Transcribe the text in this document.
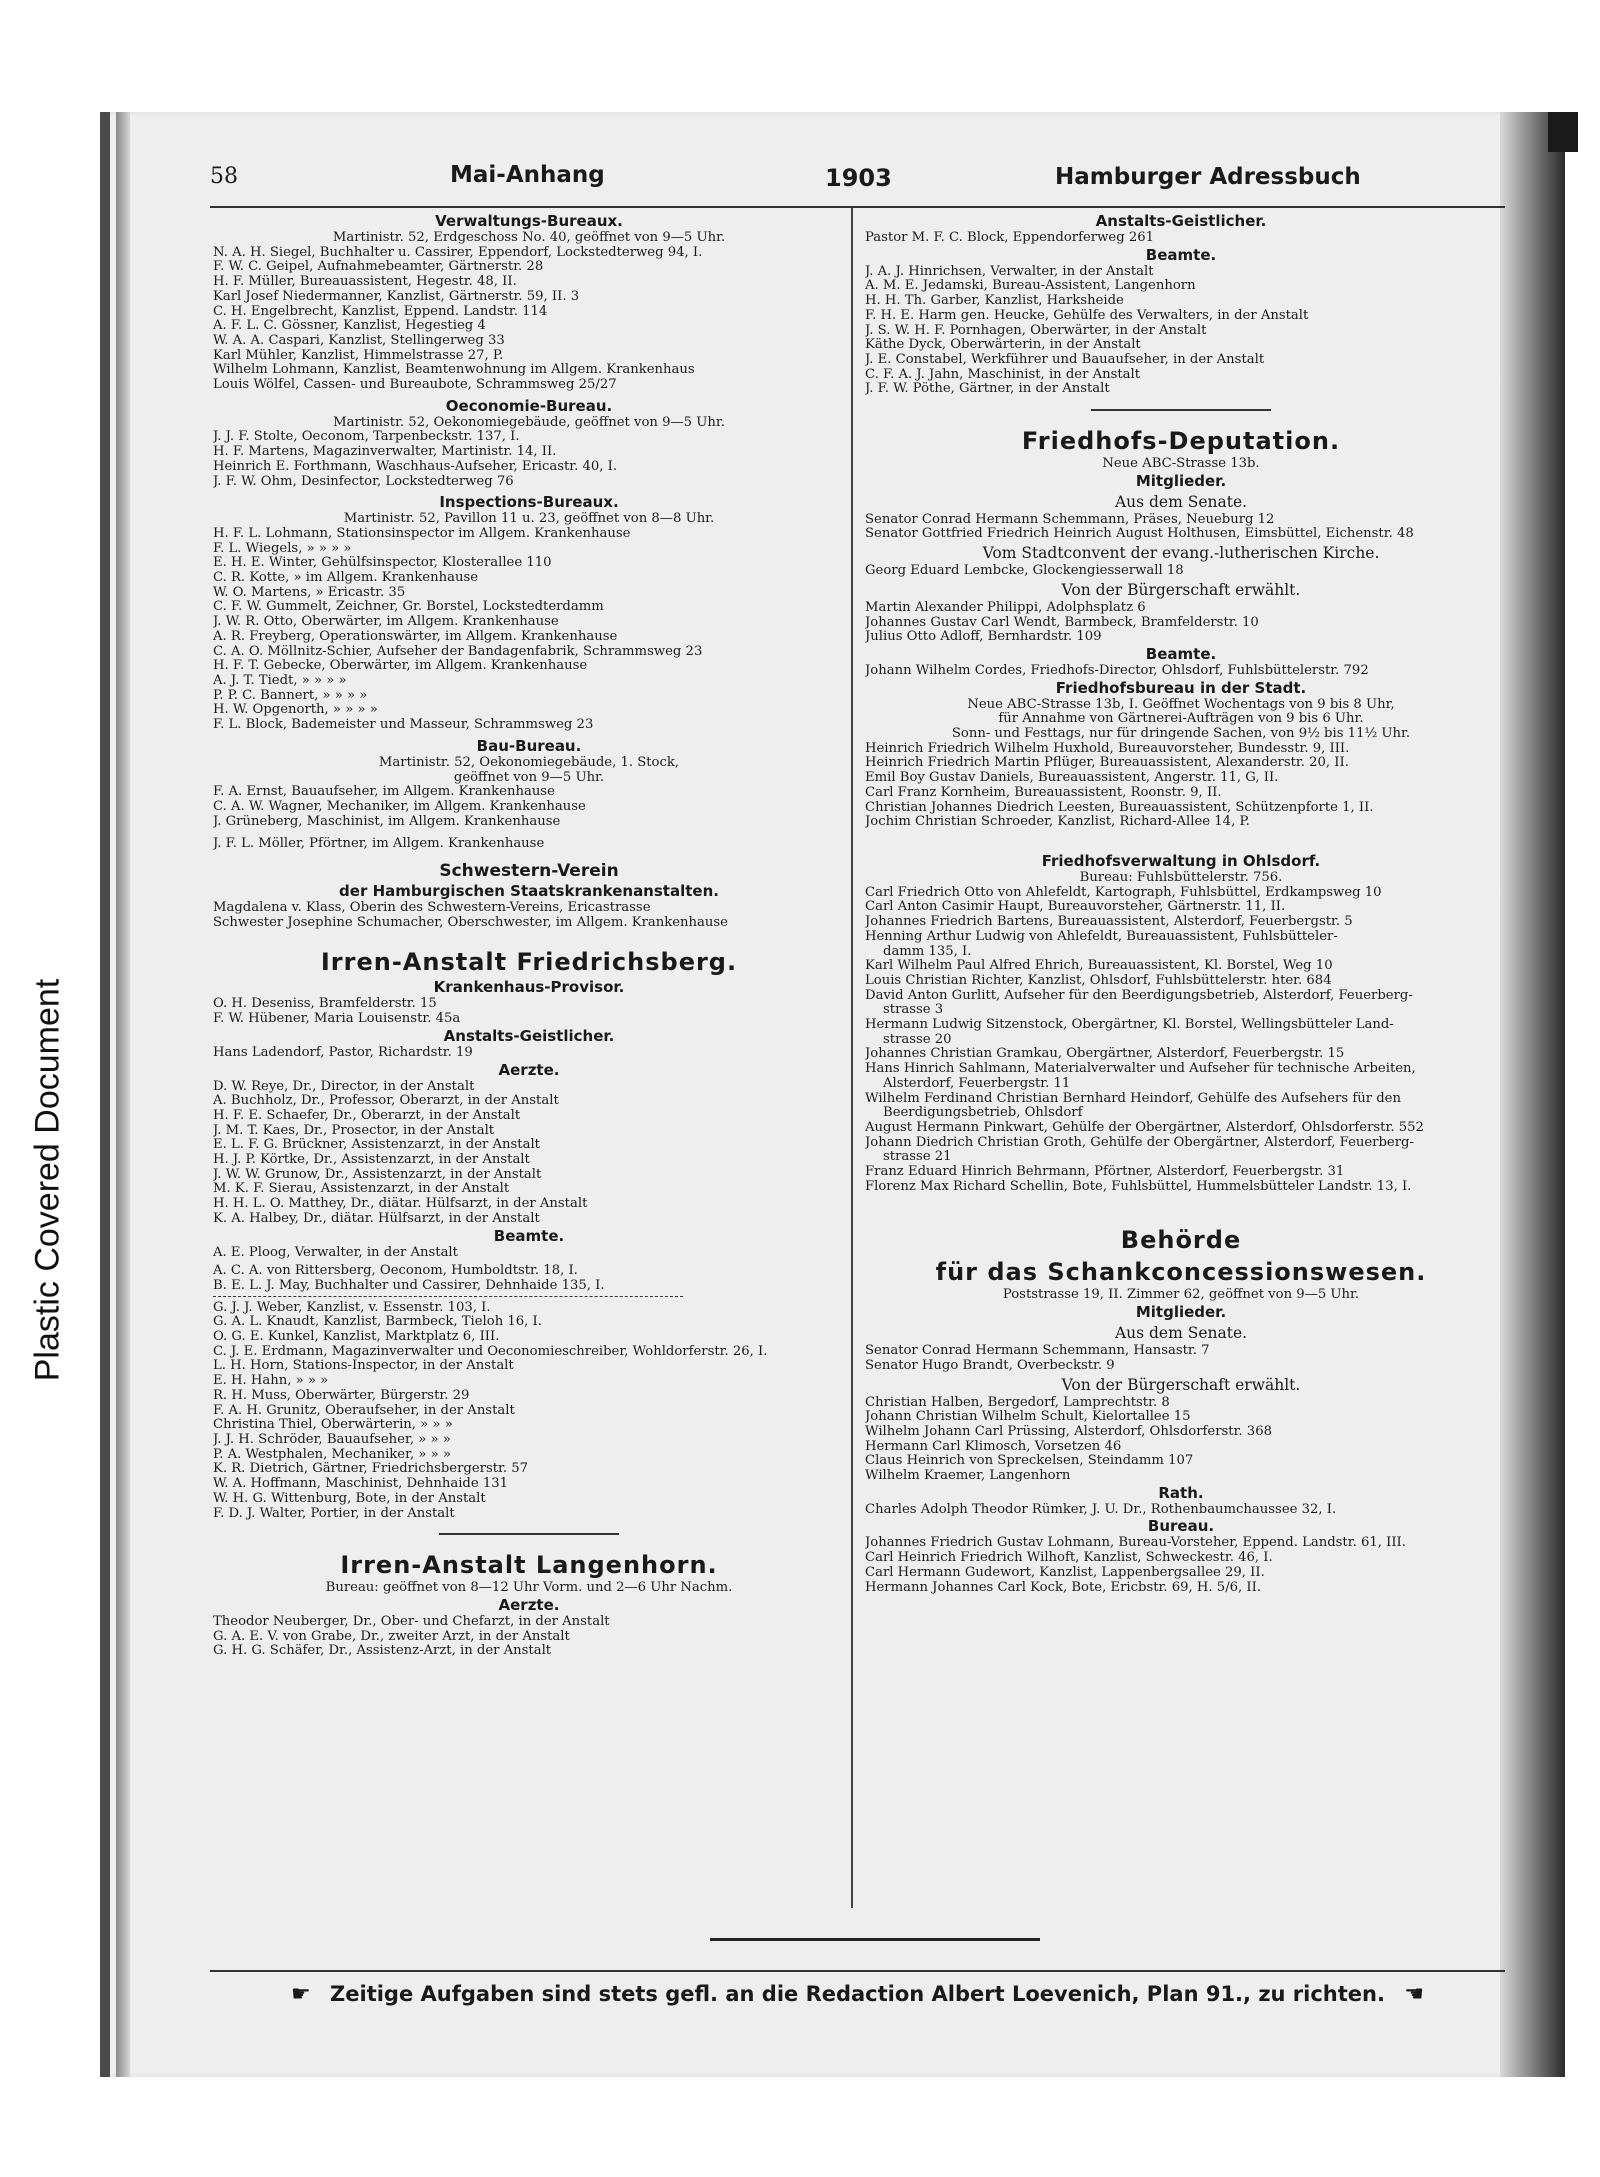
Plastic Covered Document
58	Mai-Anhang	1903	Hamburger Adressbuch
Verwaltungs-Bureaux.
Martinistr. 52, Erdgeschoss No. 40, geöffnet von 9—5 Uhr.
N. A. H. Siegel, Buchhalter u. Cassirer, Eppendorf, Lockstedterweg 94, I.
F. W. C. Geipel, Aufnahmebeamter, Gärtnerstr. 28
H. F. Müller, Bureauassistent, Hegestr. 48, II.
Karl Josef Niedermanner, Kanzlist, Gärtnerstr. 59, II. 3
C. H. Engelbrecht, Kanzlist, Eppend. Landstr. 114
A. F. L. C. Gössner, Kanzlist, Hegestieg 4
W. A. A. Caspari, Kanzlist, Stellingerweg 33
Karl Mühler, Kanzlist, Himmelstrasse 27, P.
Wilhelm Lohmann, Kanzlist, Beamtenwohnung im Allgem. Krankenhaus
Louis Wölfel, Cassen- und Bureaubote, Schrammsweg 25/27
Oeconomie-Bureau.
Martinistr. 52, Oekonomiegebäude, geöffnet von 9—5 Uhr.
J. J. F. Stolte, Oeconom, Tarpenbeckstr. 137, I.
H. F. Martens, Magazinverwalter, Martinistr. 14, II.
Heinrich E. Forthmann, Waschhaus-Aufseher, Ericastr. 40, I.
J. F. W. Ohm, Desinfector, Lockstedterweg 76
Inspections-Bureaux.
Martinistr. 52, Pavillon 11 u. 23, geöffnet von 8—8 Uhr.
H. F. L. Lohmann, Stationsinspector im Allgem. Krankenhause
F. L. Wiegels, » » » »
E. H. E. Winter, Gehülfsinspector, Klosterallee 110
C. R. Kotte, » im Allgem. Krankenhause
W. O. Martens, » Ericastr. 35
C. F. W. Gummelt, Zeichner, Gr. Borstel, Lockstedterdamm
J. W. R. Otto, Oberwärter, im Allgem. Krankenhause
A. R. Freyberg, Operationswärter, im Allgem. Krankenhause
C. A. O. Möllnitz-Schier, Aufseher der Bandagenfabrik, Schrammsweg 23
H. F. T. Gebecke, Oberwärter, im Allgem. Krankenhause
A. J. T. Tiedt, » » » »
P. P. C. Bannert, » » » »
H. W. Opgenorth, » » » »
F. L. Block, Bademeister und Masseur, Schrammsweg 23
Bau-Bureau.
Martinistr. 52, Oekonomiegebäude, 1. Stock,
geöffnet von 9—5 Uhr.
F. A. Ernst, Bauaufseher, im Allgem. Krankenhause
C. A. W. Wagner, Mechaniker, im Allgem. Krankenhause
J. Grüneberg, Maschinist, im Allgem. Krankenhause
J. F. L. Möller, Pförtner, im Allgem. Krankenhause
Schwestern-Verein
der Hamburgischen Staatskrankenanstalten.
Magdalena v. Klass, Oberin des Schwestern-Vereins, Ericastrasse
Schwester Josephine Schumacher, Oberschwester, im Allgem. Krankenhause
Irren-Anstalt Friedrichsberg.
Krankenhaus-Provisor.
O. H. Deseniss, Bramfelderstr. 15
F. W. Hübener, Maria Louisenstr. 45a
Anstalts-Geistlicher.
Hans Ladendorf, Pastor, Richardstr. 19
Aerzte.
D. W. Reye, Dr., Director, in der Anstalt
A. Buchholz, Dr., Professor, Oberarzt, in der Anstalt
H. F. E. Schaefer, Dr., Oberarzt, in der Anstalt
J. M. T. Kaes, Dr., Prosector, in der Anstalt
E. L. F. G. Brückner, Assistenzarzt, in der Anstalt
H. J. P. Körtke, Dr., Assistenzarzt, in der Anstalt
J. W. W. Grunow, Dr., Assistenzarzt, in der Anstalt
M. K. F. Sierau, Assistenzarzt, in der Anstalt
H. H. L. O. Matthey, Dr., diätar. Hülfsarzt, in der Anstalt
K. A. Halbey, Dr., diätar. Hülfsarzt, in der Anstalt
Beamte.
A. E. Ploog, Verwalter, in der Anstalt
A. C. A. von Rittersberg, Oeconom, Humboldtstr. 18, I.
B. E. L. J. May, Buchhalter und Cassirer, Dehnhaide 135, I.
G. J. J. Weber, Kanzlist, v. Essenstr. 103, I.
G. A. L. Knaudt, Kanzlist, Barmbeck, Tieloh 16, I.
O. G. E. Kunkel, Kanzlist, Marktplatz 6, III.
C. J. E. Erdmann, Magazinverwalter und Oeconomieschreiber, Wohldorferstr. 26, I.
L. H. Horn, Stations-Inspector, in der Anstalt
E. H. Hahn, » » »
R. H. Muss, Oberwärter, Bürgerstr. 29
F. A. H. Grunitz, Oberaufseher, in der Anstalt
Christina Thiel, Oberwärterin, » » »
J. J. H. Schröder, Bauaufseher, » » »
P. A. Westphalen, Mechaniker, » » »
K. R. Dietrich, Gärtner, Friedrichsbergerstr. 57
W. A. Hoffmann, Maschinist, Dehnhaide 131
W. H. G. Wittenburg, Bote, in der Anstalt
F. D. J. Walter, Portier, in der Anstalt
Irren-Anstalt Langenhorn.
Bureau: geöffnet von 8—12 Uhr Vorm. und 2—6 Uhr Nachm.
Aerzte.
Theodor Neuberger, Dr., Ober- und Chefarzt, in der Anstalt
G. A. E. V. von Grabe, Dr., zweiter Arzt, in der Anstalt
G. H. G. Schäfer, Dr., Assistenz-Arzt, in der Anstalt
Anstalts-Geistlicher.
Pastor M. F. C. Block, Eppendorferweg 261
Beamte.
J. A. J. Hinrichsen, Verwalter, in der Anstalt
A. M. E. Jedamski, Bureau-Assistent, Langenhorn
H. H. Th. Garber, Kanzlist, Harksheide
F. H. E. Harm gen. Heucke, Gehülfe des Verwalters, in der Anstalt
J. S. W. H. F. Pornhagen, Oberwärter, in der Anstalt
Käthe Dyck, Oberwärterin, in der Anstalt
J. E. Constabel, Werkführer und Bauaufseher, in der Anstalt
C. F. A. J. Jahn, Maschinist, in der Anstalt
J. F. W. Pöthe, Gärtner, in der Anstalt
Friedhofs-Deputation.
Neue ABC-Strasse 13b.
Mitglieder.
Aus dem Senate.
Senator Conrad Hermann Schemmann, Präses, Neueburg 12
Senator Gottfried Friedrich Heinrich August Holthusen, Eimsbüttel, Eichenstr. 48
Vom Stadtconvent der evang.-lutherischen Kirche.
Georg Eduard Lembcke, Glockengiesserwall 18
Von der Bürgerschaft erwählt.
Martin Alexander Philippi, Adolphsplatz 6
Johannes Gustav Carl Wendt, Barmbeck, Bramfelderstr. 10
Julius Otto Adloff, Bernhardstr. 109
Beamte.
Johann Wilhelm Cordes, Friedhofs-Director, Ohlsdorf, Fuhlsbüttelerstr. 792
Friedhofsbureau in der Stadt.
Neue ABC-Strasse 13b, I. Geöffnet Wochentags von 9 bis 8 Uhr,
für Annahme von Gärtnerei-Aufträgen von 9 bis 6 Uhr.
Sonn- und Festtags, nur für dringende Sachen, von 9½ bis 11½ Uhr.
Heinrich Friedrich Wilhelm Huxhold, Bureauvorsteher, Bundesstr. 9, III.
Heinrich Friedrich Martin Pflüger, Bureauassistent, Alexanderstr. 20, II.
Emil Boy Gustav Daniels, Bureauassistent, Angerstr. 11, G, II.
Carl Franz Kornheim, Bureauassistent, Roonstr. 9, II.
Christian Johannes Diedrich Leesten, Bureauassistent, Schützenpforte 1, II.
Jochim Christian Schroeder, Kanzlist, Richard-Allee 14, P.
Friedhofsverwaltung in Ohlsdorf.
Bureau: Fuhlsbüttelerstr. 756.
Carl Friedrich Otto von Ahlefeldt, Kartograph, Fuhlsbüttel, Erdkampsweg 10
Carl Anton Casimir Haupt, Bureauvorsteher, Gärtnerstr. 11, II.
Johannes Friedrich Bartens, Bureauassistent, Alsterdorf, Feuerbergstr. 5
Henning Arthur Ludwig von Ahlefeldt, Bureauassistent, Fuhlsbütteler-
damm 135, I.
Karl Wilhelm Paul Alfred Ehrich, Bureauassistent, Kl. Borstel, Weg 10
Louis Christian Richter, Kanzlist, Ohlsdorf, Fuhlsbüttelerstr. hter. 684
David Anton Gurlitt, Aufseher für den Beerdigungsbetrieb, Alsterdorf, Feuerberg-
strasse 3
Hermann Ludwig Sitzenstock, Obergärtner, Kl. Borstel, Wellingsbütteler Land-
strasse 20
Johannes Christian Gramkau, Obergärtner, Alsterdorf, Feuerbergstr. 15
Hans Hinrich Sahlmann, Materialverwalter und Aufseher für technische Arbeiten,
Alsterdorf, Feuerbergstr. 11
Wilhelm Ferdinand Christian Bernhard Heindorf, Gehülfe des Aufsehers für den
Beerdigungsbetrieb, Ohlsdorf
August Hermann Pinkwart, Gehülfe der Obergärtner, Alsterdorf, Ohlsdorferstr. 552
Johann Diedrich Christian Groth, Gehülfe der Obergärtner, Alsterdorf, Feuerberg-
strasse 21
Franz Eduard Hinrich Behrmann, Pförtner, Alsterdorf, Feuerbergstr. 31
Florenz Max Richard Schellin, Bote, Fuhlsbüttel, Hummelsbütteler Landstr. 13, I.
Behörde
für das Schankconcessionswesen.
Poststrasse 19, II. Zimmer 62, geöffnet von 9—5 Uhr.
Mitglieder.
Aus dem Senate.
Senator Conrad Hermann Schemmann, Hansastr. 7
Senator Hugo Brandt, Overbeckstr. 9
Von der Bürgerschaft erwählt.
Christian Halben, Bergedorf, Lamprechtstr. 8
Johann Christian Wilhelm Schult, Kielortallee 15
Wilhelm Johann Carl Prüssing, Alsterdorf, Ohlsdorferstr. 368
Hermann Carl Klimosch, Vorsetzen 46
Claus Heinrich von Spreckelsen, Steindamm 107
Wilhelm Kraemer, Langenhorn
Rath.
Charles Adolph Theodor Rümker, J. U. Dr., Rothenbaumchaussee 32, I.
Bureau.
Johannes Friedrich Gustav Lohmann, Bureau-Vorsteher, Eppend. Landstr. 61, III.
Carl Heinrich Friedrich Wilhoft, Kanzlist, Schweckestr. 46, I.
Carl Hermann Gudewort, Kanzlist, Lappenbergsallee 29, II.
Hermann Johannes Carl Kock, Bote, Ericbstr. 69, H. 5/6, II.
☛ Zeitige Aufgaben sind stets gefl. an die Redaction Albert Loevenich, Plan 91., zu richten. ☚
